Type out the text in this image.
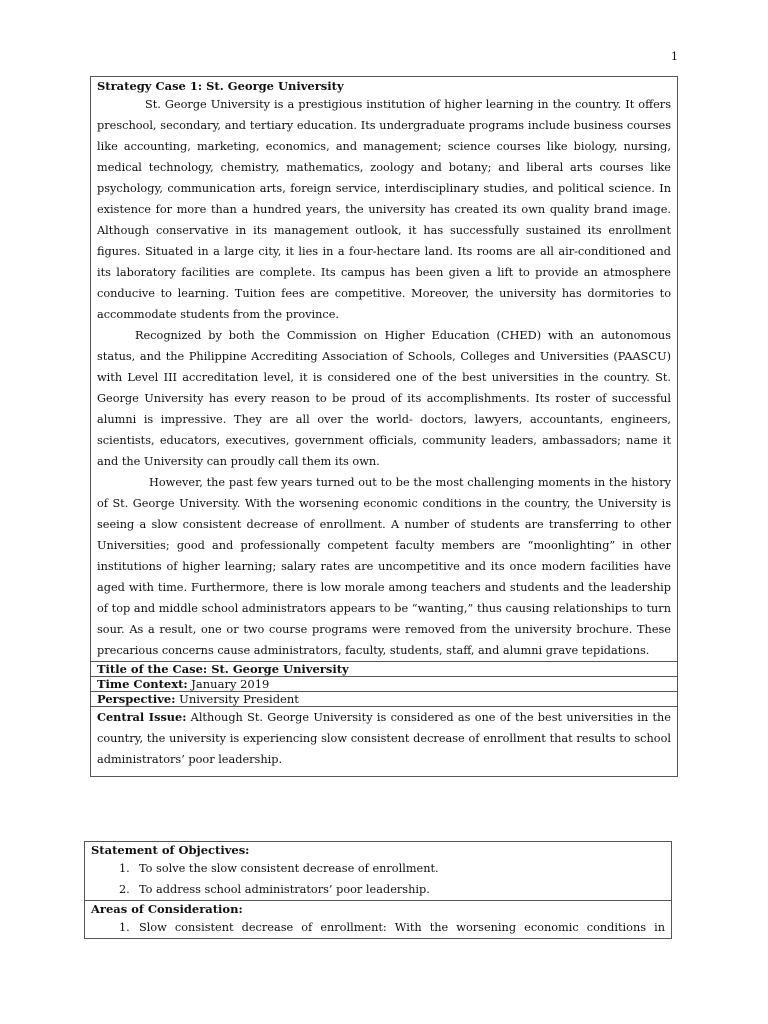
1
Strategy Case 1: St. George University

St. George University is a prestigious institution of higher learning in the country. It offers preschool, secondary, and tertiary education. Its undergraduate programs include business courses like accounting, marketing, economics, and management; science courses like biology, nursing, medical technology, chemistry, mathematics, zoology and botany; and liberal arts courses like psychology, communication arts, foreign service, interdisciplinary studies, and political science. In existence for more than a hundred years, the university has created its own quality brand image. Although conservative in its management outlook, it has successfully sustained its enrollment figures. Situated in a large city, it lies in a four-hectare land. Its rooms are all air-conditioned and its laboratory facilities are complete. Its campus has been given a lift to provide an atmosphere conducive to learning. Tuition fees are competitive. Moreover, the university has dormitories to accommodate students from the province.

Recognized by both the Commission on Higher Education (CHED) with an autonomous status, and the Philippine Accrediting Association of Schools, Colleges and Universities (PAASCU) with Level III accreditation level, it is considered one of the best universities in the country. St. George University has every reason to be proud of its accomplishments. Its roster of successful alumni is impressive. They are all over the world- doctors, lawyers, accountants, engineers, scientists, educators, executives, government officials, community leaders, ambassadors; name it and the University can proudly call them its own.

However, the past few years turned out to be the most challenging moments in the history of St. George University. With the worsening economic conditions in the country, the University is seeing a slow consistent decrease of enrollment. A number of students are transferring to other Universities; good and professionally competent faculty members are “moonlighting” in other institutions of higher learning; salary rates are uncompetitive and its once modern facilities have aged with time. Furthermore, there is low morale among teachers and students and the leadership of top and middle school administrators appears to be “wanting,” thus causing relationships to turn sour. As a result, one or two course programs were removed from the university brochure. These precarious concerns cause administrators, faculty, students, staff, and alumni grave tepidations.

Title of the Case: St. George University
Time Context: January 2019
Perspective: University President
Central Issue: Although St. George University is considered as one of the best universities in the country, the university is experiencing slow consistent decrease of enrollment that results to school administrators’ poor leadership.
Statement of Objectives:
1. To solve the slow consistent decrease of enrollment.
2. To address school administrators’ poor leadership.

Areas of Consideration:
1. Slow consistent decrease of enrollment: With the worsening economic conditions in
